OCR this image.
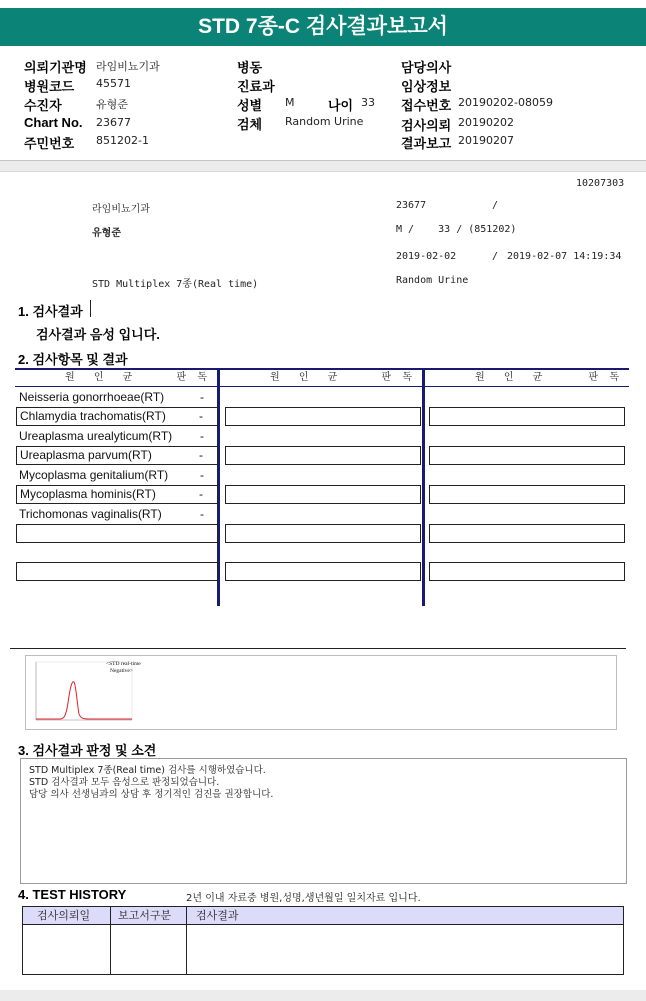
STD 7종-C 검사결과보고서
의뢰기관명 라임비뇨기과
병원코드 45571
수진자	유형준
Chart No. 23677
주민번호 851202-1
병동
진료과
성별 M	나이 33
검체 Random Urine
담당의사
임상정보
접수번호 20190202-08059
검사의뢰 20190202
결과보고 20190207
10207303
라임비뇨기과	23677	/
유형준	M /    33 / (851202)
2019-02-02	/ 2019-02-07 14:19:34
STD Multiplex 7종(Real time)	Random Urine
1. 검사결과
검사결과 음성 입니다.
2. 검사항목 및 결과
원 인 균	판 독	원 인 균	판 독	원 인 균	판 독
Neisseria gonorrhoeae(RT)	-
Chlamydia trachomatis(RT)	-
Ureaplasma urealyticum(RT) -
Ureaplasma parvum(RT)	-
Mycoplasma genitalium(RT)	-
Mycoplasma hominis(RT)	-
Trichomonas vaginalis(RT)	-
<STD real-time
Negative>
3. 검사결과 판정 및 소견
STD Multiplex 7종(Real time) 검사를 시행하였습니다.
STD 검사결과 모두 음성으로 판정되었습니다.
담당 의사 선생님과의 상담 후 정기적인 검진을 권장합니다.
4. TEST HISTORY	2년 이내 자료중 병원,성명,생년월일 일치자료 입니다.
검사의뢰일	보고서구분 검사결과
